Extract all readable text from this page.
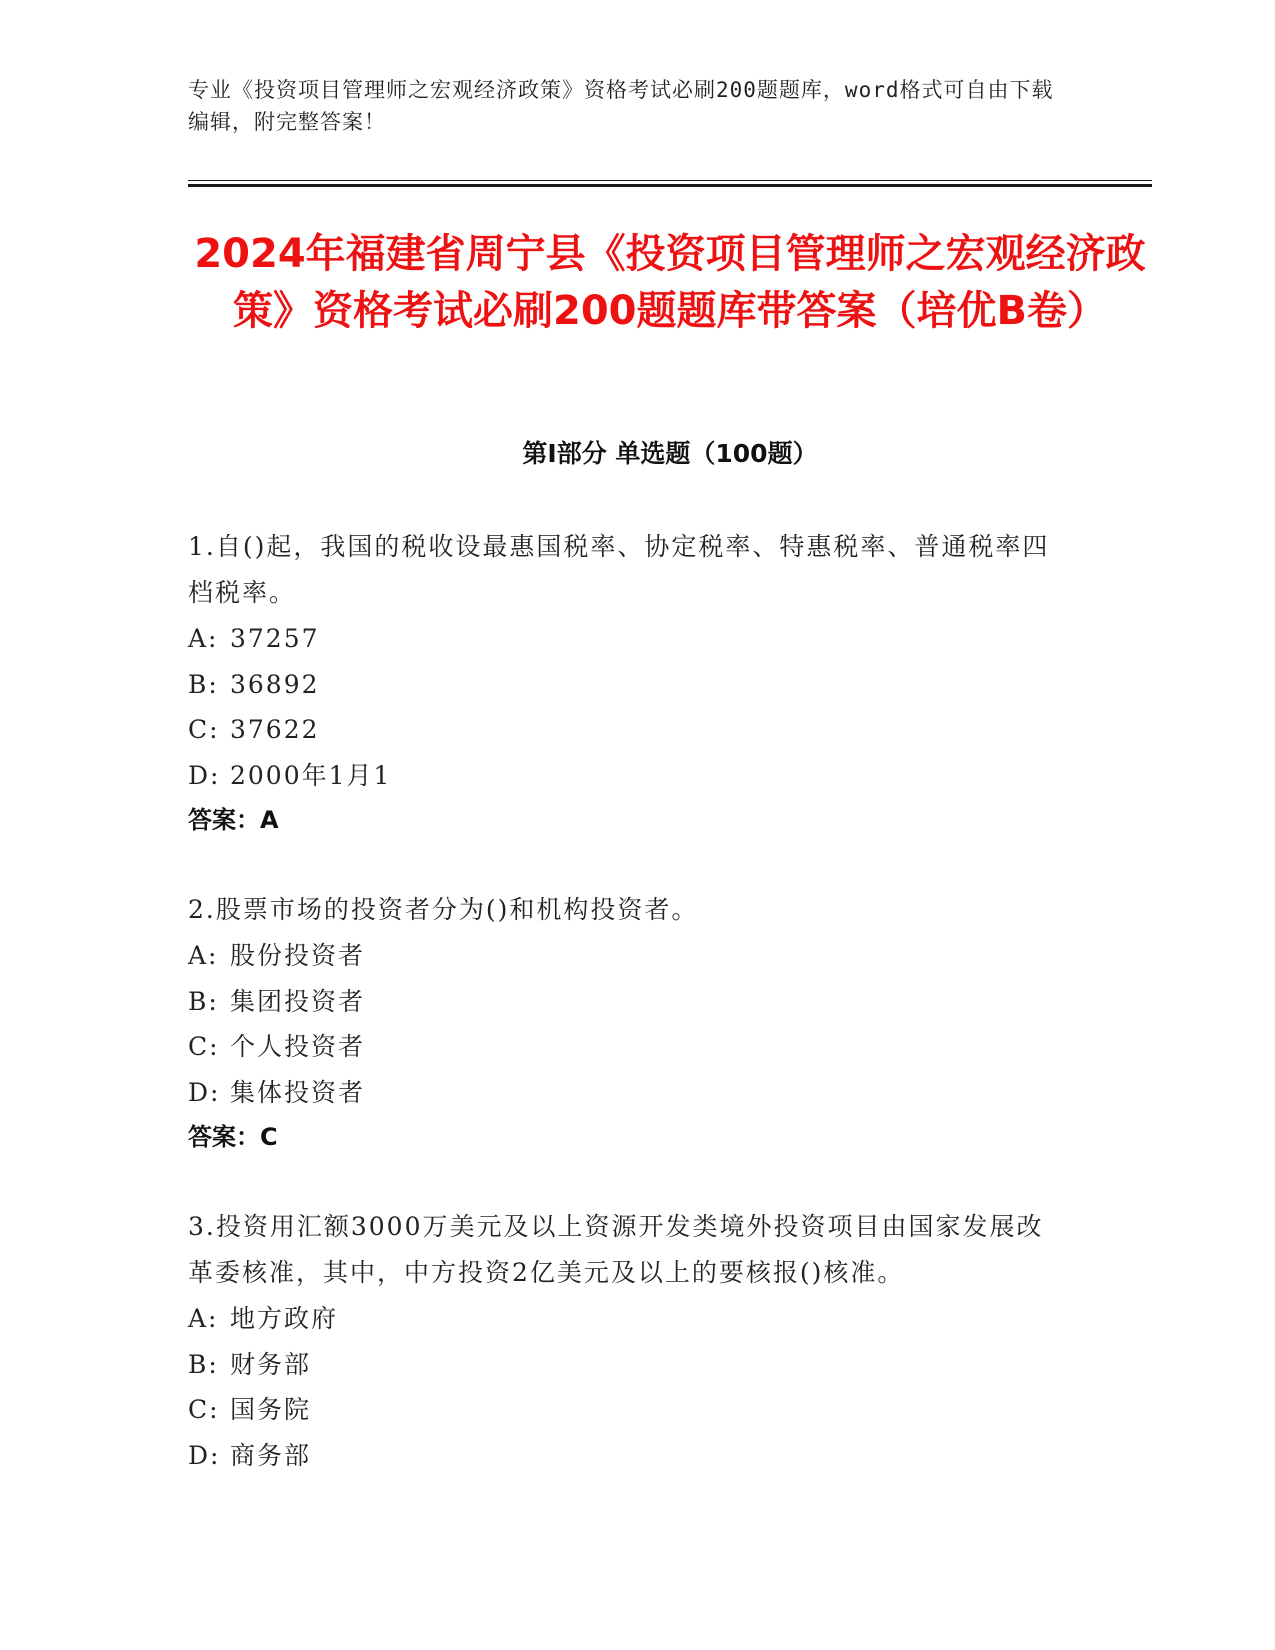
专业《投资项目管理师之宏观经济政策》资格考试必刷200题题库，word格式可自由下载编辑，附完整答案！
2024年福建省周宁县《投资项目管理师之宏观经济政策》资格考试必刷200题题库带答案（培优B卷）
第I部分 单选题（100题）
1.自()起，我国的税收设最惠国税率、协定税率、特惠税率、普通税率四档税率。
A: 37257
B: 36892
C: 37622
D: 2000年1月1
答案：A
2.股票市场的投资者分为()和机构投资者。
A: 股份投资者
B: 集团投资者
C: 个人投资者
D: 集体投资者
答案：C
3.投资用汇额3000万美元及以上资源开发类境外投资项目由国家发展改革委核准，其中，中方投资2亿美元及以上的要核报()核准。
A: 地方政府
B: 财务部
C: 国务院
D: 商务部
